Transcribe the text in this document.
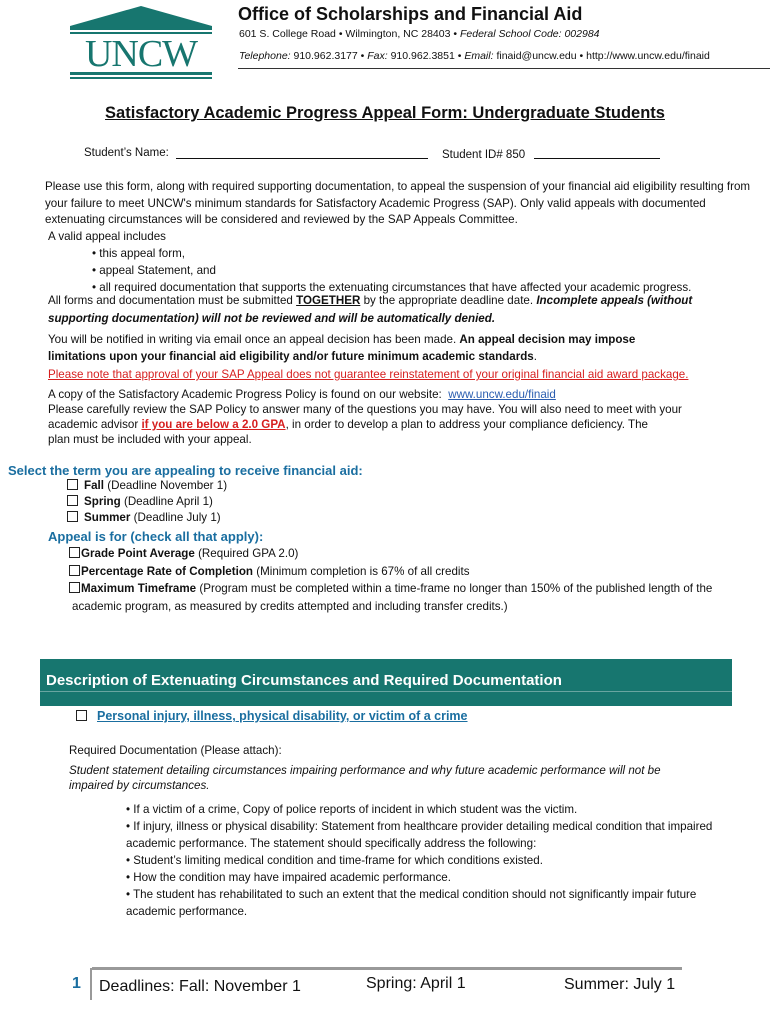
UNCW
Office of Scholarships and Financial Aid
601 S. College Road • Wilmington, NC 28403 • Federal School Code: 002984
Telephone: 910.962.3177 • Fax: 910.962.3851 • Email: finaid@uncw.edu • http://www.uncw.edu/finaid
Satisfactory Academic Progress Appeal Form: Undergraduate Students
Student’s Name:	Student ID# 850
Please use this form, along with required supporting documentation, to appeal the suspension of your financial aid eligibility resulting from
your failure to meet UNCW's minimum standards for Satisfactory Academic Progress (SAP). Only valid appeals with documented
extenuating circumstances will be considered and reviewed by the SAP Appeals Committee.
A valid appeal includes
• this appeal form,
• appeal Statement, and
• all required documentation that supports the extenuating circumstances that have affected your academic progress.
All forms and documentation must be submitted TOGETHER by the appropriate deadline date. Incomplete appeals (without
supporting documentation) will not be reviewed and will be automatically denied.
You will be notified in writing via email once an appeal decision has been made. An appeal decision may impose
limitations upon your financial aid eligibility and/or future minimum academic standards.
Please note that approval of your SAP Appeal does not guarantee reinstatement of your original financial aid award package.
A copy of the Satisfactory Academic Progress Policy is found on our website: www.uncw.edu/finaid
Please carefully review the SAP Policy to answer many of the questions you may have. You will also need to meet with your
academic advisor if you are below a 2.0 GPA, in order to develop a plan to address your compliance deficiency. The
plan must be included with your appeal.
Select the term you are appealing to receive financial aid:
Fall (Deadline November 1)
Spring (Deadline April 1)
Summer (Deadline July 1)
Appeal is for (check all that apply):
Grade Point Average (Required GPA 2.0)
Percentage Rate of Completion (Minimum completion is 67% of all credits
Maximum Timeframe (Program must be completed within a time-frame no longer than 150% of the published length of the
academic program, as measured by credits attempted and including transfer credits.)
Description of Extenuating Circumstances and Required Documentation
Personal injury, illness, physical disability, or victim of a crime
Required Documentation (Please attach):
Student statement detailing circumstances impairing performance and why future academic performance will not be
impaired by circumstances.
• If a victim of a crime, Copy of police reports of incident in which student was the victim.
• If injury, illness or physical disability: Statement from healthcare provider detailing medical condition that impaired
academic performance. The statement should specifically address the following:
• Student’s limiting medical condition and time-frame for which conditions existed.
• How the condition may have impaired academic performance.
• The student has rehabilitated to such an extent that the medical condition should not significantly impair future
academic performance.
1 Deadlines: Fall: November 1	Spring: April 1	Summer: July 1
